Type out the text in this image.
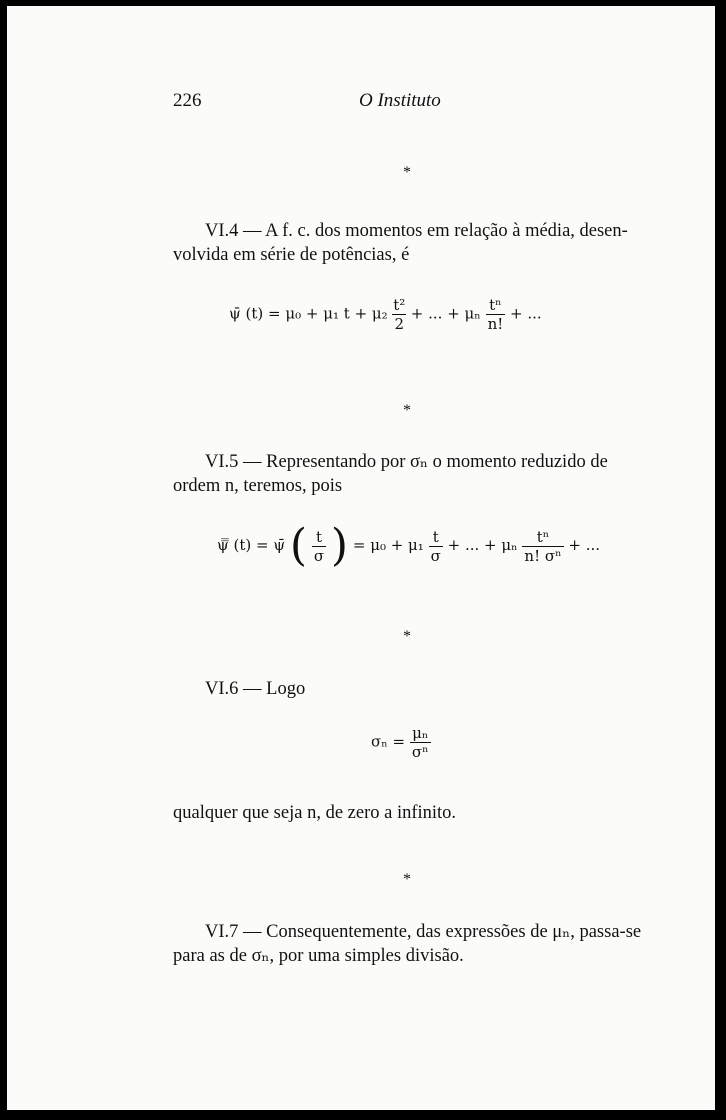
226	O Instituto
*
VI.4 — A f. c. dos momentos em relação à média, desen-
volvida em série de potências, é
ψ̄ (t) = μ₀ + μ₁ $t + \mu_2 \frac{\text{t²}}{2}$ + ... + μₙ $\frac{\text{tⁿ}}{n!}$ + ...
*
VI.5 — Representando por σₙ o momento reduzido de
ordem n, teremos, pois
ψ̿ (t) = ψ̄ ( $\frac{t}{\sigma}$ ) = $\mu_0 + \mu_1 \frac{t}{\sigma}$ + ... + μₙ $\frac{\text{tⁿ}}{\text{n! σⁿ}}$ + ...
*
VI.6 — Logo
$\sigma_n = \frac{\text{μₙ}}{\text{σⁿ}}$
qualquer que seja n, de zero a infinito.
*
VI.7 — Consequentemente, das expressões de μₙ, passa-se
para as de σₙ, por uma simples divisão.
